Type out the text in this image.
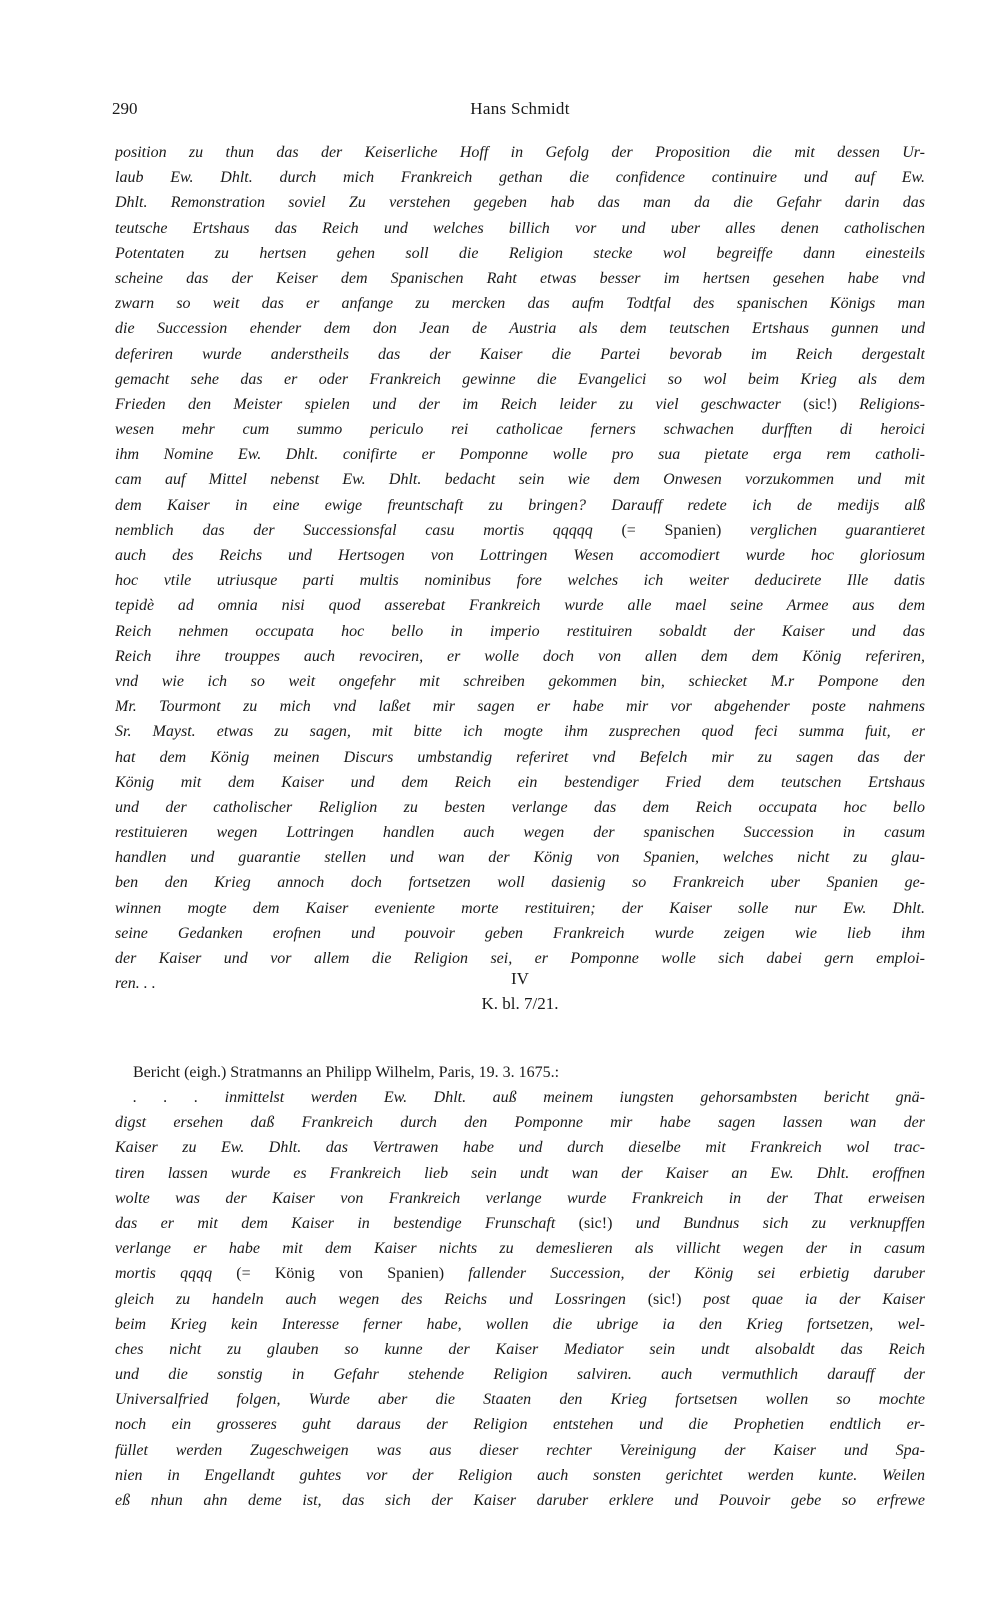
290	Hans Schmidt
position zu thun das der Keiserliche Hoff in Gefolg der Proposition die mit dessen Ur-
laub Ew. Dhlt. durch mich Frankreich gethan die confidence continuire und auf Ew.
Dhlt. Remonstration soviel Zu verstehen gegeben hab das man da die Gefahr darin das
teutsche Ertshaus das Reich und welches billich vor und uber alles denen catholischen
Potentaten zu hertsen gehen soll die Religion stecke wol begreiffe dann einesteils
scheine das der Keiser dem Spanischen Raht etwas besser im hertsen gesehen habe vnd
zwarn so weit das er anfange zu mercken das aufm Todtfal des spanischen Königs man
die Succession ehender dem don Jean de Austria als dem teutschen Ertshaus gunnen und
deferiren wurde anderstheils das der Kaiser die Partei bevorab im Reich dergestalt
gemacht sehe das er oder Frankreich gewinne die Evangelici so wol beim Krieg als dem
Frieden den Meister spielen und der im Reich leider zu viel geschwacter (sic!) Religions-
wesen mehr cum summo periculo rei catholicae ferners schwachen durfften di heroici
ihm Nomine Ew. Dhlt. conifirte er Pomponne wolle pro sua pietate erga rem catholi-
cam auf Mittel nebenst Ew. Dhlt. bedacht sein wie dem Onwesen vorzukommen und mit
dem Kaiser in eine ewige freuntschaft zu bringen? Darauff redete ich de medijs alß
nemblich das der Successionsfal casu mortis qqqqq (= Spanien) verglichen guarantieret
auch des Reichs und Hertsogen von Lottringen Wesen accomodiert wurde hoc gloriosum
hoc vtile utriusque parti multis nominibus fore welches ich weiter deducirete Ille datis
tepidè ad omnia nisi quod asserebat Frankreich wurde alle mael seine Armee aus dem
Reich nehmen occupata hoc bello in imperio restituiren sobaldt der Kaiser und das
Reich ihre trouppes auch revociren, er wolle doch von allen dem dem König referiren,
vnd wie ich so weit ongefehr mit schreiben gekommen bin, schiecket M.r Pompone den
Mr. Tourmont zu mich vnd laßet mir sagen er habe mir vor abgehender poste nahmens
Sr. Mayst. etwas zu sagen, mit bitte ich mogte ihm zusprechen quod feci summa fuit, er
hat dem König meinen Discurs umbstandig referiret vnd Befelch mir zu sagen das der
König mit dem Kaiser und dem Reich ein bestendiger Fried dem teutschen Ertshaus
und der catholischer Religlion zu besten verlange das dem Reich occupata hoc bello
restituieren wegen Lottringen handlen auch wegen der spanischen Succession in casum
handlen und guarantie stellen und wan der König von Spanien, welches nicht zu glau-
ben den Krieg annoch doch fortsetzen woll dasienig so Frankreich uber Spanien ge-
winnen mogte dem Kaiser eveniente morte restituiren; der Kaiser solle nur Ew. Dhlt.
seine Gedanken erofnen und pouvoir geben Frankreich wurde zeigen wie lieb ihm
der Kaiser und vor allem die Religion sei, er Pomponne wolle sich dabei gern emploi-
ren. . .	IV
K. bl. 7/21.
Bericht (eigh.) Stratmanns an Philipp Wilhelm, Paris, 19. 3. 1675.:
. . . inmittelst werden Ew. Dhlt. auß meinem iungsten gehorsambsten bericht gnä-
digst ersehen daß Frankreich durch den Pomponne mir habe sagen lassen wan der
Kaiser zu Ew. Dhlt. das Vertrawen habe und durch dieselbe mit Frankreich wol trac-
tiren lassen wurde es Frankreich lieb sein undt wan der Kaiser an Ew. Dhlt. eroffnen
wolte was der Kaiser von Frankreich verlange wurde Frankreich in der That erweisen
das er mit dem Kaiser in bestendige Frunschaft (sic!) und Bundnus sich zu verknupffen
verlange er habe mit dem Kaiser nichts zu demeslieren als villicht wegen der in casum
mortis qqqq (= König von Spanien) fallender Succession, der König sei erbietig daruber
gleich zu handeln auch wegen des Reichs und Lossringen (sic!) post quae ia der Kaiser
beim Krieg kein Interesse ferner habe, wollen die ubrige ia den Krieg fortsetzen, wel-
ches nicht zu glauben so kunne der Kaiser Mediator sein undt alsobaldt das Reich
und die sonstig in Gefahr stehende Religion salviren. auch vermuthlich darauff der
Universalfried folgen, Wurde aber die Staaten den Krieg fortsetsen wollen so mochte
noch ein grosseres guht daraus der Religion entstehen und die Prophetien endtlich er-
füllet werden Zugeschweigen was aus dieser rechter Vereinigung der Kaiser und Spa-
nien in Engellandt guhtes vor der Religion auch sonsten gerichtet werden kunte. Weilen
eß nhun ahn deme ist, das sich der Kaiser daruber erklere und Pouvoir gebe so erfrewe
